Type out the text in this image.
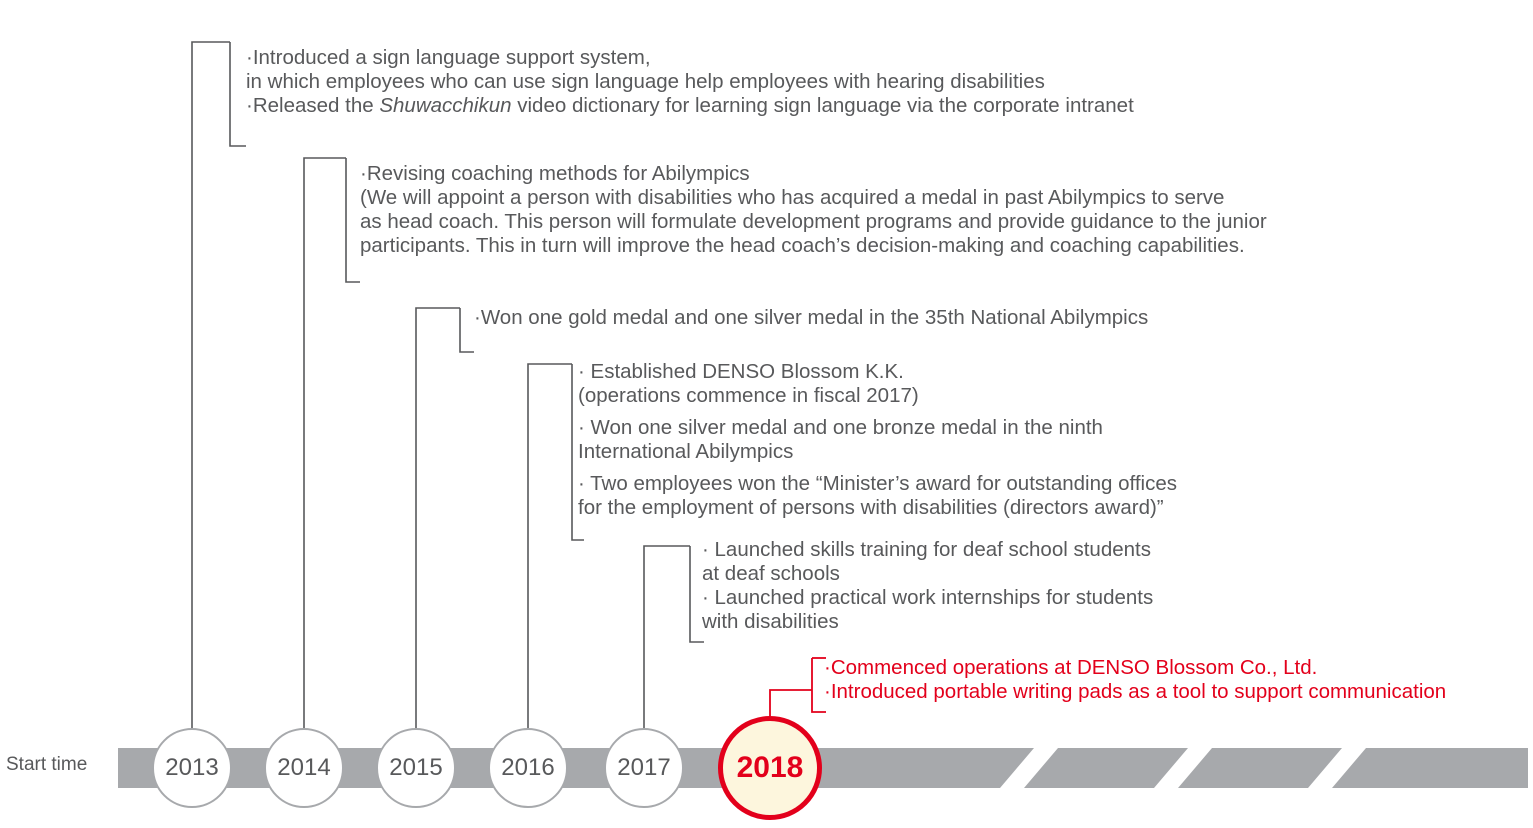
Start time	2013 2014 2015 2016	2017 2018
·Introduced a sign language support system,
in which employees who can use sign language help employees with hearing disabilities
·Released the Shuwacchikun video dictionary for learning sign language via the corporate intranet
·Revising coaching methods for Abilympics
(We will appoint a person with disabilities who has acquired a medal in past Abilympics to serve
as head coach. This person will formulate development programs and provide guidance to the junior
participants. This in turn will improve the head coach’s decision-making and coaching capabilities.
·Won one gold medal and one silver medal in the 35th National Abilympics
· Established DENSO Blossom K.K.
(operations commence in fiscal 2017)
· Won one silver medal and one bronze medal in the ninth
International Abilympics
· Two employees won the “Minister’s award for outstanding offices
for the employment of persons with disabilities (directors award)”
· Launched skills training for deaf school students
at deaf schools
· Launched practical work internships for students
with disabilities
·Commenced operations at DENSO Blossom Co., Ltd.
·Introduced portable writing pads as a tool to support communication
